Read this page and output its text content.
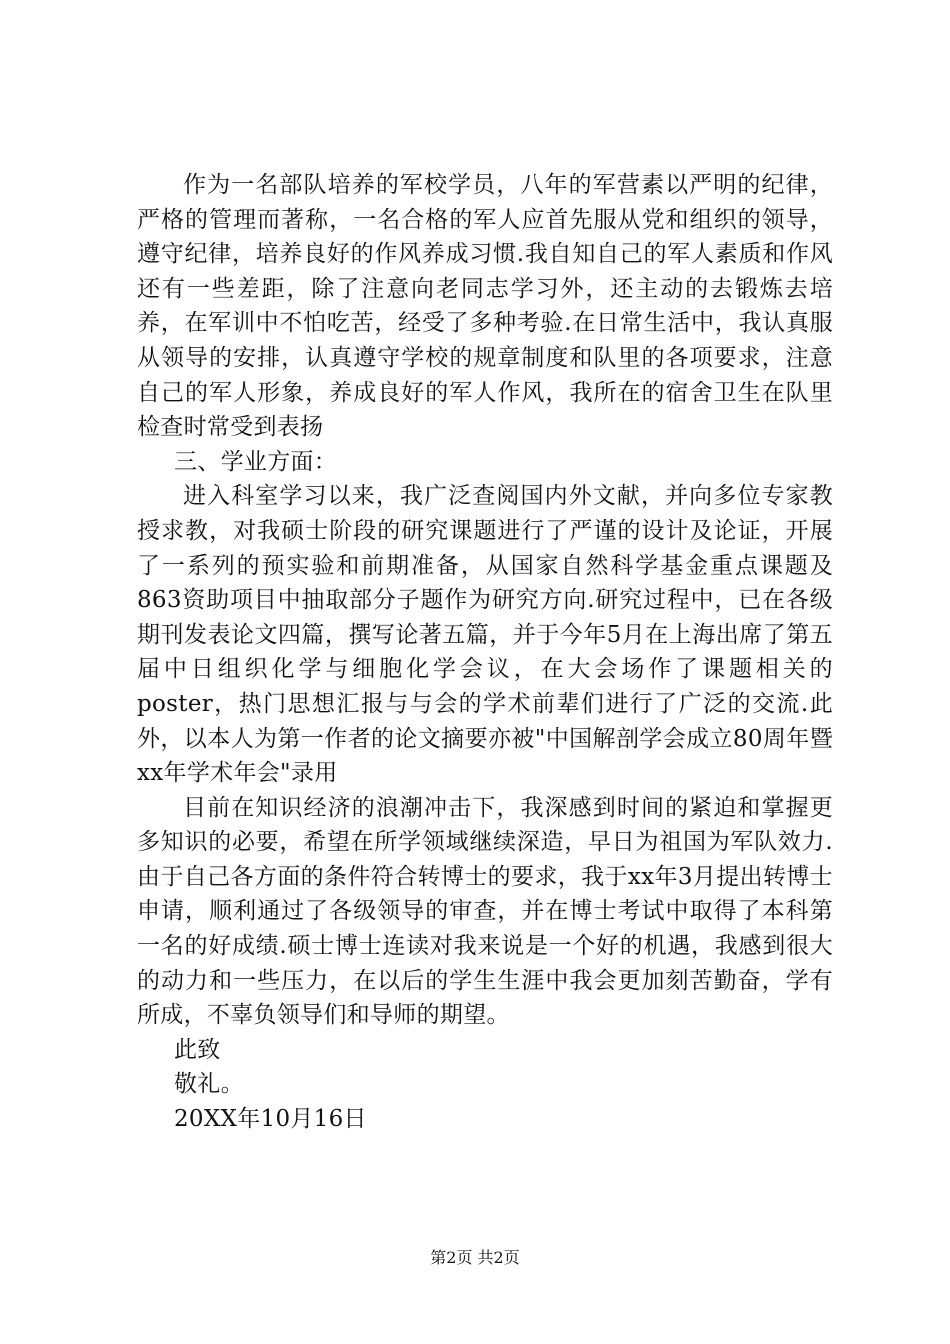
作为一名部队培养的军校学员，八年的军营素以严明的纪律，严格的管理而著称，一名合格的军人应首先服从党和组织的领导，遵守纪律，培养良好的作风养成习惯.我自知自己的军人素质和作风还有一些差距，除了注意向老同志学习外，还主动的去锻炼去培养，在军训中不怕吃苦，经受了多种考验.在日常生活中，我认真服从领导的安排，认真遵守学校的规章制度和队里的各项要求，注意自己的军人形象，养成良好的军人作风，我所在的宿舍卫生在队里检查时常受到表扬

三、学业方面：

进入科室学习以来，我广泛查阅国内外文献，并向多位专家教授求教，对我硕士阶段的研究课题进行了严谨的设计及论证，开展了一系列的预实验和前期准备，从国家自然科学基金重点课题及863资助项目中抽取部分子题作为研究方向.研究过程中，已在各级期刊发表论文四篇，撰写论著五篇，并于今年5月在上海出席了第五届中日组织化学与细胞化学会议，在大会场作了课题相关的poster，热门思想汇报与与会的学术前辈们进行了广泛的交流.此外，以本人为第一作者的论文摘要亦被"中国解剖学会成立80周年暨xx年学术年会"录用

目前在知识经济的浪潮冲击下，我深感到时间的紧迫和掌握更多知识的必要，希望在所学领域继续深造，早日为祖国为军队效力.由于自己各方面的条件符合转博士的要求，我于xx年3月提出转博士申请，顺利通过了各级领导的审查，并在博士考试中取得了本科第一名的好成绩.硕士博士连读对我来说是一个好的机遇，我感到很大的动力和一些压力，在以后的学生生涯中我会更加刻苦勤奋，学有所成，不辜负领导们和导师的期望。

此致

敬礼。

20XX年10月16日

第2页 共2页
